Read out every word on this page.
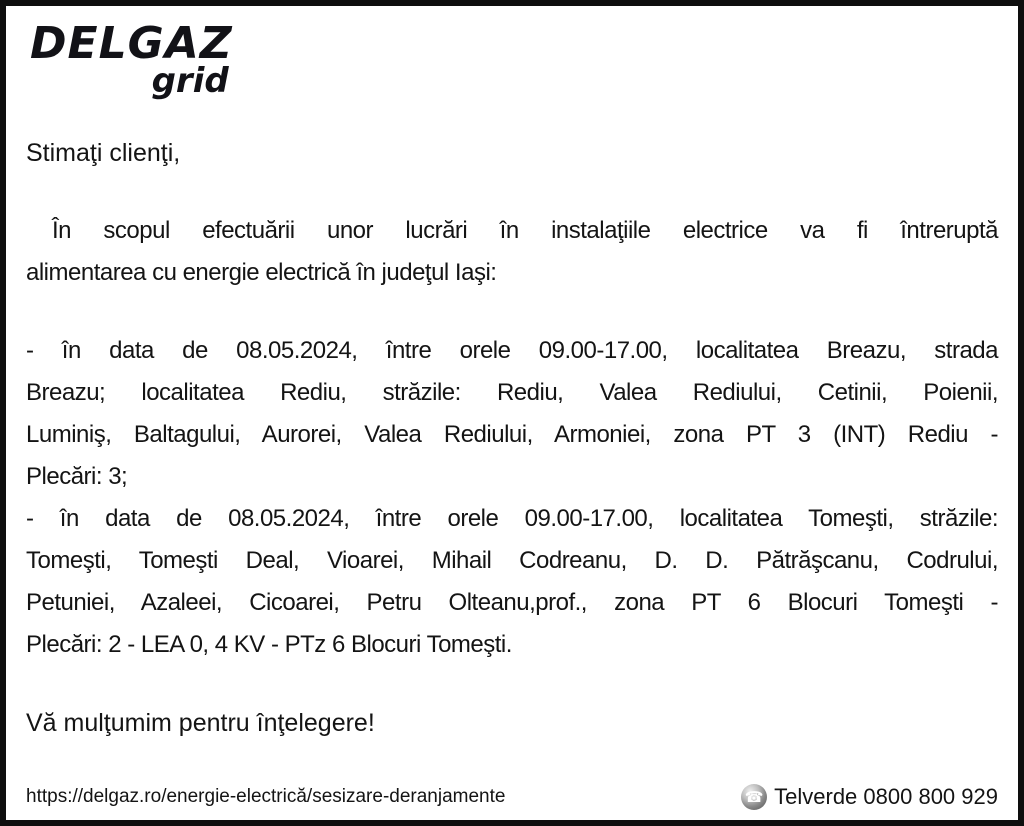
DELGAZ
grid
Stimaţi clienţi,
În scopul efectuării unor lucrări în instalaţiile electrice va fi întreruptă
alimentarea cu energie electrică în judeţul Iaşi:
- în data de 08.05.2024, între orele 09.00-17.00, localitatea Breazu, strada
Breazu; localitatea Rediu, străzile: Rediu, Valea Rediului, Cetinii, Poienii,
Luminiş, Baltagului, Aurorei, Valea Rediului, Armoniei, zona PT 3 (INT) Rediu -
Plecări: 3;
- în data de 08.05.2024, între orele 09.00-17.00, localitatea Tomeşti, străzile:
Tomeşti, Tomeşti Deal, Vioarei, Mihail Codreanu, D. D. Pătrăşcanu, Codrului,
Petuniei, Azaleei, Cicoarei, Petru Olteanu,prof., zona PT 6 Blocuri Tomeşti -
Plecări: 2 - LEA 0, 4 KV - PTz 6 Blocuri Tomeşti.
Vă mulţumim pentru înţelegere!
https://delgaz.ro/energie-electrică/sesizare-deranjamente	☎ Telverde 0800 800 929
